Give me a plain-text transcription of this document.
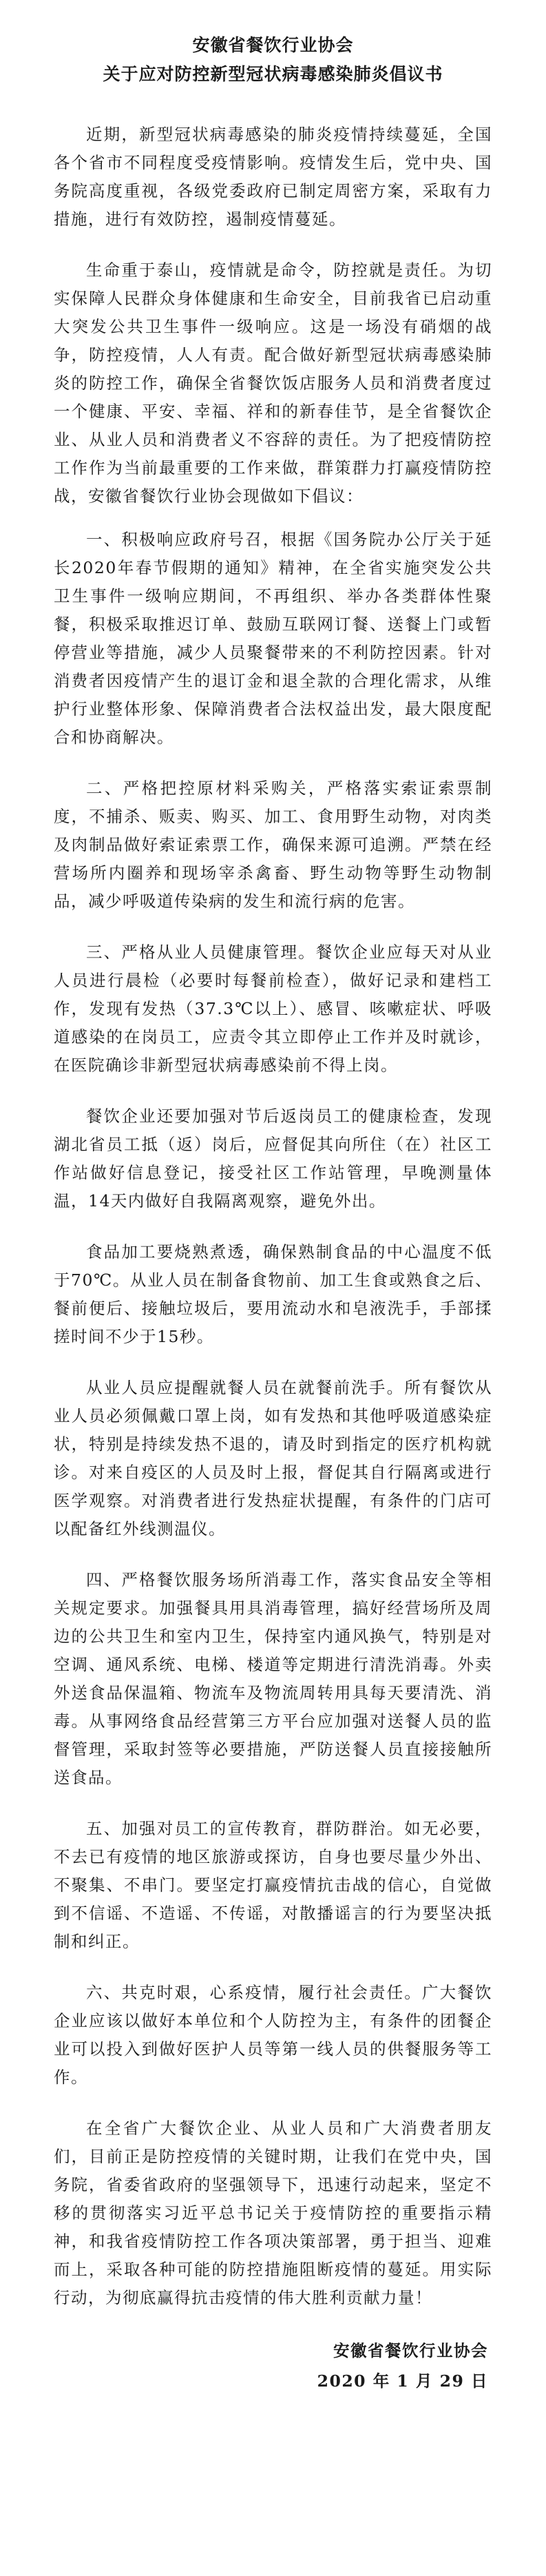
安徽省餐饮行业协会

关于应对防控新型冠状病毒感染肺炎倡议书

近期，新型冠状病毒感染的肺炎疫情持续蔓延，全国各个省市不同程度受疫情影响。疫情发生后，党中央、国务院高度重视，各级党委政府已制定周密方案，采取有力措施，进行有效防控，遏制疫情蔓延。

生命重于泰山，疫情就是命令，防控就是责任。为切实保障人民群众身体健康和生命安全，目前我省已启动重大突发公共卫生事件一级响应。这是一场没有硝烟的战争，防控疫情，人人有责。配合做好新型冠状病毒感染肺炎的防控工作，确保全省餐饮饭店服务人员和消费者度过一个健康、平安、幸福、祥和的新春佳节，是全省餐饮企业、从业人员和消费者义不容辞的责任。为了把疫情防控工作作为当前最重要的工作来做，群策群力打赢疫情防控战，安徽省餐饮行业协会现做如下倡议：

一、积极响应政府号召，根据《国务院办公厅关于延长2020年春节假期的通知》精神，在全省实施突发公共卫生事件一级响应期间，不再组织、举办各类群体性聚餐，积极采取推迟订单、鼓励互联网订餐、送餐上门或暂停营业等措施，减少人员聚餐带来的不利防控因素。针对消费者因疫情产生的退订金和退全款的合理化需求，从维护行业整体形象、保障消费者合法权益出发，最大限度配合和协商解决。

二、严格把控原材料采购关，严格落实索证索票制度，不捕杀、贩卖、购买、加工、食用野生动物，对肉类及肉制品做好索证索票工作，确保来源可追溯。严禁在经营场所内圈养和现场宰杀禽畜、野生动物等野生动物制品，减少呼吸道传染病的发生和流行病的危害。

三、严格从业人员健康管理。餐饮企业应每天对从业人员进行晨检（必要时每餐前检查），做好记录和建档工作，发现有发热（37.3℃以上）、感冒、咳嗽症状、呼吸道感染的在岗员工，应责令其立即停止工作并及时就诊，在医院确诊非新型冠状病毒感染前不得上岗。

餐饮企业还要加强对节后返岗员工的健康检查，发现湖北省员工抵（返）岗后，应督促其向所住（在）社区工作站做好信息登记，接受社区工作站管理，早晚测量体温，14天内做好自我隔离观察，避免外出。

食品加工要烧熟煮透，确保熟制食品的中心温度不低于70℃。从业人员在制备食物前、加工生食或熟食之后、餐前便后、接触垃圾后，要用流动水和皂液洗手，手部揉搓时间不少于15秒。

从业人员应提醒就餐人员在就餐前洗手。所有餐饮从业人员必须佩戴口罩上岗，如有发热和其他呼吸道感染症状，特别是持续发热不退的，请及时到指定的医疗机构就诊。对来自疫区的人员及时上报，督促其自行隔离或进行医学观察。对消费者进行发热症状提醒，有条件的门店可以配备红外线测温仪。

四、严格餐饮服务场所消毒工作，落实食品安全等相关规定要求。加强餐具用具消毒管理，搞好经营场所及周边的公共卫生和室内卫生，保持室内通风换气，特别是对空调、通风系统、电梯、楼道等定期进行清洗消毒。外卖外送食品保温箱、物流车及物流周转用具每天要清洗、消毒。从事网络食品经营第三方平台应加强对送餐人员的监督管理，采取封签等必要措施，严防送餐人员直接接触所送食品。

五、加强对员工的宣传教育，群防群治。如无必要，不去已有疫情的地区旅游或探访，自身也要尽量少外出、不聚集、不串门。要坚定打赢疫情抗击战的信心，自觉做到不信谣、不造谣、不传谣，对散播谣言的行为要坚决抵制和纠正。

六、共克时艰，心系疫情，履行社会责任。广大餐饮企业应该以做好本单位和个人防控为主，有条件的团餐企业可以投入到做好医护人员等第一线人员的供餐服务等工作。

在全省广大餐饮企业、从业人员和广大消费者朋友们，目前正是防控疫情的关键时期，让我们在党中央，国务院，省委省政府的坚强领导下，迅速行动起来，坚定不移的贯彻落实习近平总书记关于疫情防控的重要指示精神，和我省疫情防控工作各项决策部署，勇于担当、迎难而上，采取各种可能的防控措施阻断疫情的蔓延。用实际行动，为彻底赢得抗击疫情的伟大胜利贡献力量！

安徽省餐饮行业协会

2020 年 1 月 29 日
